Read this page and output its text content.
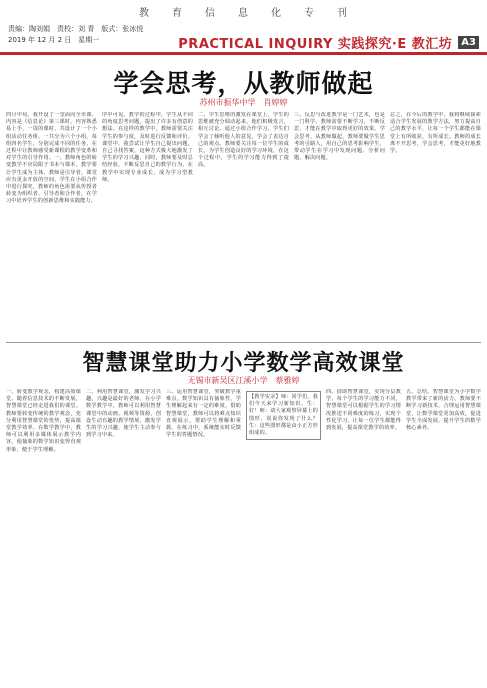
教 育 信 息 化 专 刊
责编：陶刘娟　责校：刘 青　版式：张冰悦
2019 年 12 月 2 日　星期一	PRACTICAL INQUIRY 实践探究·E 教汇坊 A3
学会思考，从教师做起
苏州市振华中学　肖婷婷

四月中旬，我开设了一堂面向全市课，内容是《信息论》第三课时。内容熟悉易上手，一周的课时，共设计了一个小组活动任务组，一共分为六个小组，每组四名学生，分别完成不同的任务，在过程中让教师感受新课程的教学变革和对学生的引导作用。一、教师角色的转变教学不应局限于书本与课本。教学要让学生成为主体，教师是引导者，课堂应有更多开放的空间。学生在小组合作中进行探究，教师的角色需要从传授者转变为组织者、引导者和合作者，在学习中培养学生的创新思维和实践能力。

序中可见，教学的过程中，学生从不同的角度思考问题，提出了许多有创意的想法。在这样的教学中，教师需要关注学生的参与度，及时进行反馈和评价。课堂中，我尝试让学生自己提出问题，自己寻找答案，这种方式极大地激发了学生的学习兴趣。同时，教师要及时总结经验，不断反思自己的教学行为，在教学中实现专业成长，成为学习型教师。

二、学生思维的激发在课堂上，学生的思维被充分调动起来，他们积极发言，相互讨论。通过小组合作学习，学生们学会了倾听他人的意见，学会了表达自己的观点。教师要关注每一位学生的成长，为学生创造良好的学习环境，在这个过程中，学生的学习能力得到了提高。

三、反思与改进教学是一门艺术，也是一门科学。教师需要不断学习，不断反思，才能在教学中取得更好的效果。学会思考，从教师做起，教师要做学生思考的引路人，用自己的思考影响学生，带动学生在学习中发现问题、分析问题、解决问题。

总之，在今后的教学中，我将继续探索适合学生发展的教学方法，努力提高自己的教学水平，让每一个学生都能在课堂上有所收获，有所成长。教师的成长离不开思考，学会思考，才能更好地教学。

智慧课堂助力小学数学高效课堂
无锡市新吴区江溪小学　蔡雅婷

一、转变教学观念，构建高效课堂。随着信息技术的不断发展，智慧课堂已经走进我们的课堂。教师要转变传统的教学观念，充分利用智慧课堂的优势，提高课堂教学效率。在数学教学中，教师可以利用多媒体展示教学内容，使抽象的数学知识变得直观形象，便于学生理解。

二、利用智慧课堂，激发学习兴趣。兴趣是最好的老师。在小学数学教学中，教师可以利用智慧课堂中的动画、视频等资源，创设生动有趣的教学情境，激发学生的学习兴趣，使学生主动参与到学习中来。

三、运用智慧课堂，突破教学重难点。数学知识具有抽象性，学生理解起来有一定的难度。借助智慧课堂，教师可以将难点知识直观展示，帮助学生理解和掌握。在练习中，系统能实时反馈学生的答题情况。

【教学实录】师：同学们，我们今天来学习新知识。生：好！师：请大家观察屏幕上的图形，说说你发现了什么？生：这些图形都是由小正方形组成的。

四、借助智慧课堂，实现分层教学。每个学生的学习能力不同，智慧课堂可以根据学生的学习情况推送不同难度的练习，实现个性化学习，让每一位学生都能得到发展，提高课堂教学的效率。

五、总结。智慧课堂为小学数学教学带来了新的活力，教师要不断学习新技术，合理运用智慧课堂，让数学课堂更加高效，促进学生全面发展，提升学生的数学核心素养。
